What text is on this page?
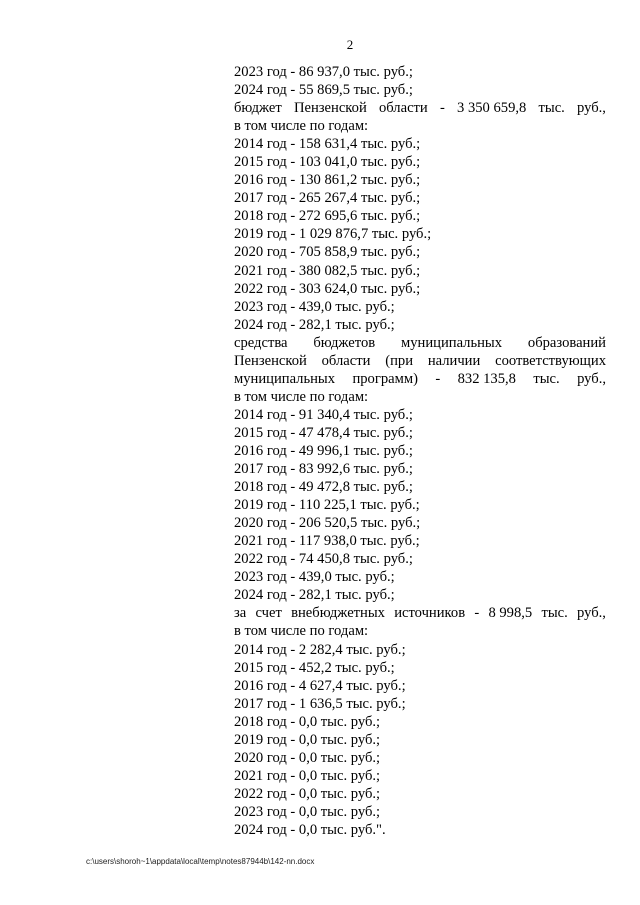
2
2023 год - 86 937,0 тыс. руб.;
2024 год - 55 869,5 тыс. руб.;
бюджет Пензенской области - 3 350 659,8 тыс. руб.,
в том числе по годам:
2014 год - 158 631,4 тыс. руб.;
2015 год - 103 041,0 тыс. руб.;
2016 год - 130 861,2 тыс. руб.;
2017 год - 265 267,4 тыс. руб.;
2018 год - 272 695,6 тыс. руб.;
2019 год - 1 029 876,7 тыс. руб.;
2020 год - 705 858,9 тыс. руб.;
2021 год - 380 082,5 тыс. руб.;
2022 год - 303 624,0 тыс. руб.;
2023 год - 439,0 тыс. руб.;
2024 год - 282,1 тыс. руб.;
средства бюджетов муниципальных образований
Пензенской области (при наличии соответствующих
муниципальных программ) - 832 135,8 тыс. руб.,
в том числе по годам:
2014 год - 91 340,4 тыс. руб.;
2015 год - 47 478,4 тыс. руб.;
2016 год - 49 996,1 тыс. руб.;
2017 год - 83 992,6 тыс. руб.;
2018 год - 49 472,8 тыс. руб.;
2019 год - 110 225,1 тыс. руб.;
2020 год - 206 520,5 тыс. руб.;
2021 год - 117 938,0 тыс. руб.;
2022 год - 74 450,8 тыс. руб.;
2023 год - 439,0 тыс. руб.;
2024 год - 282,1 тыс. руб.;
за счет внебюджетных источников - 8 998,5 тыс. руб.,
в том числе по годам:
2014 год - 2 282,4 тыс. руб.;
2015 год - 452,2 тыс. руб.;
2016 год - 4 627,4 тыс. руб.;
2017 год - 1 636,5 тыс. руб.;
2018 год - 0,0 тыс. руб.;
2019 год - 0,0 тыс. руб.;
2020 год - 0,0 тыс. руб.;
2021 год - 0,0 тыс. руб.;
2022 год - 0,0 тыс. руб.;
2023 год - 0,0 тыс. руб.;
2024 год - 0,0 тыс. руб.".
c:\users\shoroh~1\appdata\local\temp\notes87944b\142-nn.docx
